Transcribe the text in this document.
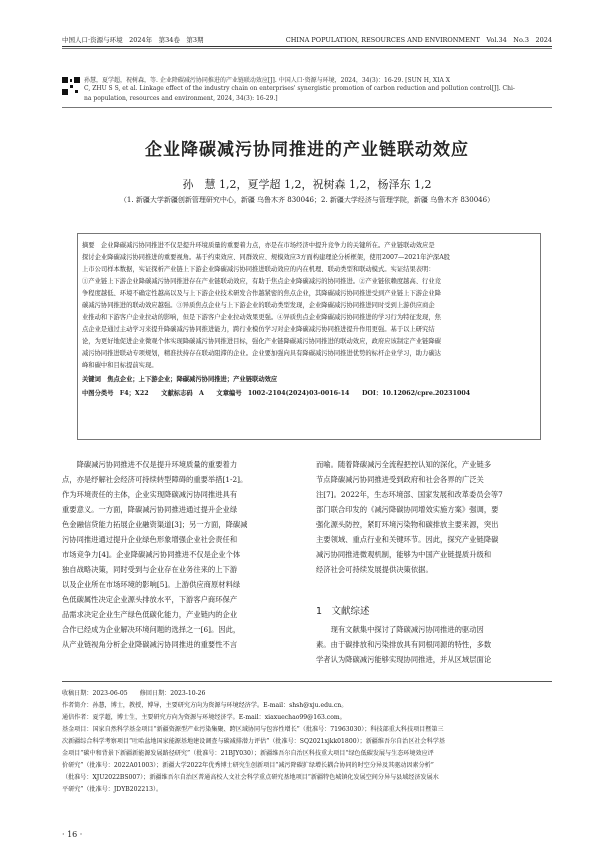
中国人口·资源与环境　2024年　第34卷　第3期	CHINA POPULATION, RESOURCES AND ENVIRONMENT　Vol.34　No.3　2024
孙慧，夏学超，祝树森，等. 企业降碳减污协同推进的产业链联动效应[J]. 中国人口·资源与环境，2024，34(3)：16-29. [SUN H, XIA X
C, ZHU S S, et al. Linkage effect of the industry chain on enterprises' synergistic promotion of carbon reduction and pollution control[J]. Chi-
na population, resources and environment, 2024, 34(3): 16-29.]
企业降碳减污协同推进的产业链联动效应
孙　慧 1,2，夏学超 1,2，祝树森 1,2，杨泽东 1,2
（1. 新疆大学新疆创新管理研究中心，新疆 乌鲁木齐 830046；2. 新疆大学经济与管理学院，新疆 乌鲁木齐 830046）
摘要　企业降碳减污协同推进不仅是提升环境质量的重要着力点，亦是在市场经济中提升竞争力的关键所在。产业链联动效应是
探讨企业降碳减污协同推进的重要视角。基于约束效应、同群效应、规模效应3方面构建理论分析框架，使用2007—2021年沪深A股
上市公司样本数据，实证探析产业链上下游企业降碳减污协同推进联动效应的内在机理、联动类型和联动模式。实证结果表明：
①产业链上下游企业降碳减污协同推进存在产业链联动效应，有助于焦点企业降碳减污的协同推进。②产业链依赖度越高、行业竞
争程度越低、环境不确定性越高以及与上下游企业技术研发合作越紧密的焦点企业，其降碳减污协同推进受到产业链上下游企业降
碳减污协同推进的联动效应越强。③异质焦点企业与上下游企业的联动类型发现，企业降碳减污协同推进同时受到上游供应商企
业推动和下游客户企业拉动的影响，但是下游客户企业拉动效果更强。④异质焦点企业降碳减污协同推进的学习行为特征发现，焦
点企业是通过主动学习来提升降碳减污协同推进能力，跨行业模仿学习对企业降碳减污协同推进提升作用更强。基于以上研究结
论，为更好地促进企业微观个体实现降碳减污协同推进目标，强化产业链降碳减污协同推进的联动效应，政府应该制定产业链降碳
减污协同推进联动专项规划，精准扶持存在联动阻滞的企业。企业要加强向具有降碳减污协同推进优势的标杆企业学习，助力碳达
峰和碳中和目标提前实现。
关键词　焦点企业；上下游企业；降碳减污协同推进；产业链联动效应
中图分类号　F4；X22　　文献标志码　A　　文章编号　1002-2104(2024)03-0016-14　　DOI：10.12062/cpre.20231004
　　降碳减污协同推进不仅是提升环境质量的重要着力
点，亦是纾解社会经济可持续转型障碍的重要举措[1-2]。
作为环境责任的主体，企业实现降碳减污协同推进具有
重要意义。一方面，降碳减污协同推进通过提升企业绿
色金融信贷能力拓展企业融资渠道[3]；另一方面，降碳减
污协同推进通过提升企业绿色形象增强企业社会责任和
市场竞争力[4]。企业降碳减污协同推进不仅是企业个体
独自战略决策，同时受到与企业存在业务往来的上下游
以及企业所在市场环境的影响[5]。上游供应商原材料绿
色低碳属性决定企业源头排放水平，下游客户商环保产
品需求决定企业生产绿色低碳化能力，产业链内的企业
合作已经成为企业解决环境问题的选择之一[6]。因此，
从产业链视角分析企业降碳减污协同推进的重要性不言
而喻。随着降碳减污全流程把控认知的深化，产业链多
节点降碳减污协同推进受到政府和社会各界的广泛关
注[7]。2022年，生态环境部、国家发展和改革委员会等7
部门联合印发的《减污降碳协同增效实施方案》强调，要
强化源头防控，紧盯环境污染物和碳排放主要来源，突出
主要领域、重点行业和关键环节。因此，探究产业链降碳
减污协同推进微观机制，能够为中国产业链提质升级和
经济社会可持续发展提供决策依据。
1　文献综述
　　现有文献集中探讨了降碳减污协同推进的驱动因
素。由于碳排放和污染排放具有同根同源的特性，多数
学者认为降碳减污能够实现协同推进，并从区域层面论
收稿日期：2023-06-05　　修回日期：2023-10-26
作者简介：孙慧，博士，教授，博导，主要研究方向为资源与环境经济学。E-mail：shsh@xju.edu.cn。
通信作者：夏学超，博士生，主要研究方向为资源与环境经济学。E-mail：xiaxuechao99@163.com。
基金项目：国家自然科学基金项目“新疆资源型产业污染集聚、跨区域协同与包容性增长”（批准号：71963030）；科技部重大科技项目暨第三
次新疆综合科学考察项目“吐哈盆地国家能源基地建设调查与碳减排潜力评估”（批准号：SQ2021xjkk01800）；新疆维吾尔自治区社会科学基
金项目“碳中和背景下新疆新能源发展路径研究”（批准号：21BJY030）；新疆维吾尔自治区科技重大项目“绿色低碳发展与生态环境效应评
价研究”（批准号：2022A01003）；新疆大学2022年优秀博士研究生创新项目“减污降碳扩绿增长耦合协同的时空分异及其驱动因素分析”
（批准号：XJU2022BS007）；新疆维吾尔自治区普通高校人文社会科学重点研究基地项目“新疆特色城镇化发展空间分异与县域经济发展水
平研究”（批准号：JDYB202213）。
· 16 ·
